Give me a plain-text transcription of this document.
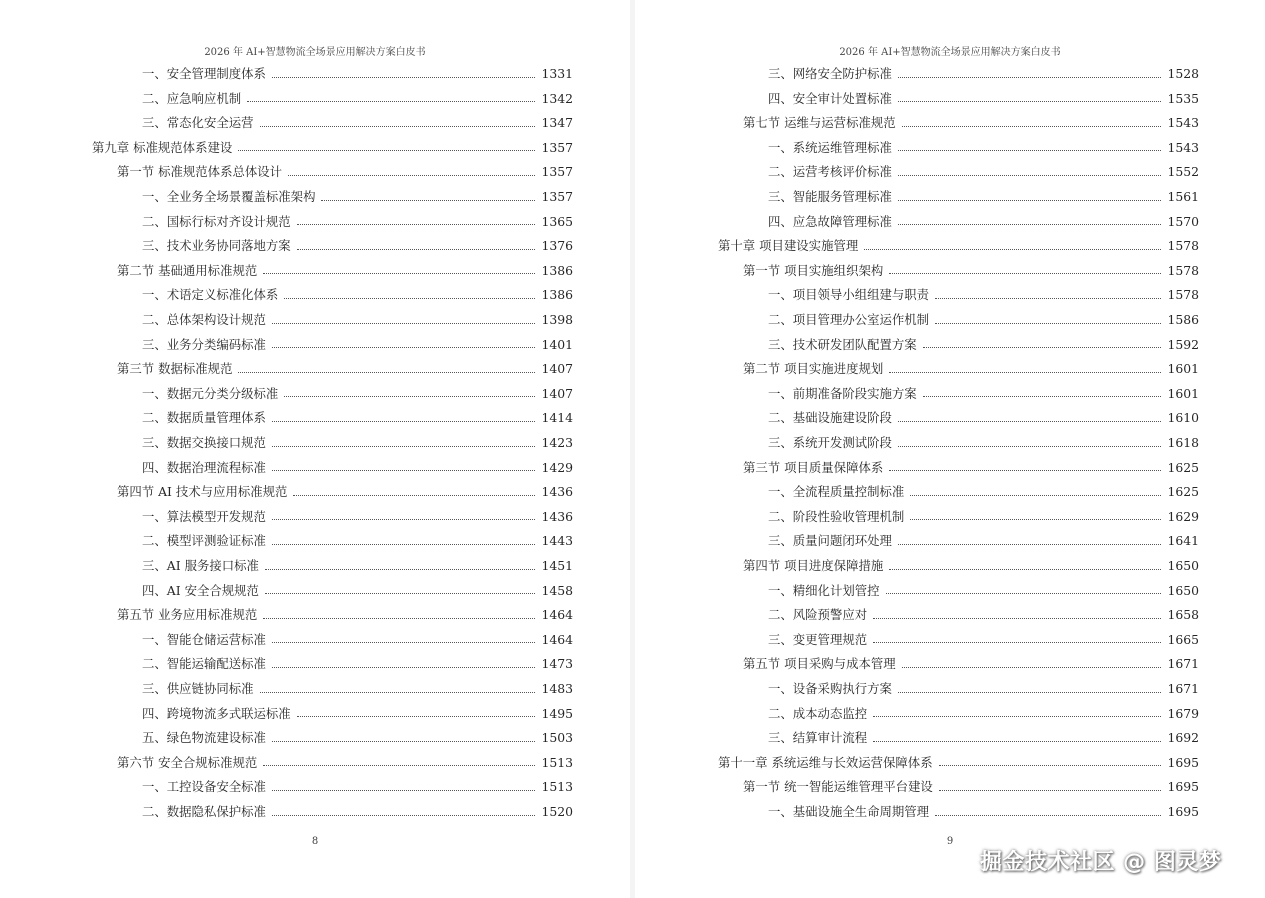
2026 年 AI+智慧物流全场景应用解决方案白皮书
一、安全管理制度体系	1331
二、应急响应机制	1342
三、常态化安全运营	1347
第九章 标准规范体系建设	1357
第一节 标准规范体系总体设计	1357
一、全业务全场景覆盖标准架构	1357
二、国标行标对齐设计规范	1365
三、技术业务协同落地方案	1376
第二节 基础通用标准规范	1386
一、术语定义标准化体系	1386
二、总体架构设计规范	1398
三、业务分类编码标准	1401
第三节 数据标准规范	1407
一、数据元分类分级标准	1407
二、数据质量管理体系	1414
三、数据交换接口规范	1423
四、数据治理流程标准	1429
第四节 AI 技术与应用标准规范	1436
一、算法模型开发规范	1436
二、模型评测验证标准	1443
三、AI 服务接口标准	1451
四、AI 安全合规规范	1458
第五节 业务应用标准规范	1464
一、智能仓储运营标准	1464
二、智能运输配送标准	1473
三、供应链协同标准	1483
四、跨境物流多式联运标准	1495
五、绿色物流建设标准	1503
第六节 安全合规标准规范	1513
一、工控设备安全标准	1513
二、数据隐私保护标准	1520
8
2026 年 AI+智慧物流全场景应用解决方案白皮书
三、网络安全防护标准	1528
四、安全审计处置标准	1535
第七节 运维与运营标准规范	1543
一、系统运维管理标准	1543
二、运营考核评价标准	1552
三、智能服务管理标准	1561
四、应急故障管理标准	1570
第十章 项目建设实施管理	1578
第一节 项目实施组织架构	1578
一、项目领导小组组建与职责	1578
二、项目管理办公室运作机制	1586
三、技术研发团队配置方案	1592
第二节 项目实施进度规划	1601
一、前期准备阶段实施方案	1601
二、基础设施建设阶段	1610
三、系统开发测试阶段	1618
第三节 项目质量保障体系	1625
一、全流程质量控制标准	1625
二、阶段性验收管理机制	1629
三、质量问题闭环处理	1641
第四节 项目进度保障措施	1650
一、精细化计划管控	1650
二、风险预警应对	1658
三、变更管理规范	1665
第五节 项目采购与成本管理	1671
一、设备采购执行方案	1671
二、成本动态监控	1679
三、结算审计流程	1692
第十一章 系统运维与长效运营保障体系	1695
第一节 统一智能运维管理平台建设	1695
一、基础设施全生命周期管理	1695
9
掘金技术社区 @ 图灵梦
